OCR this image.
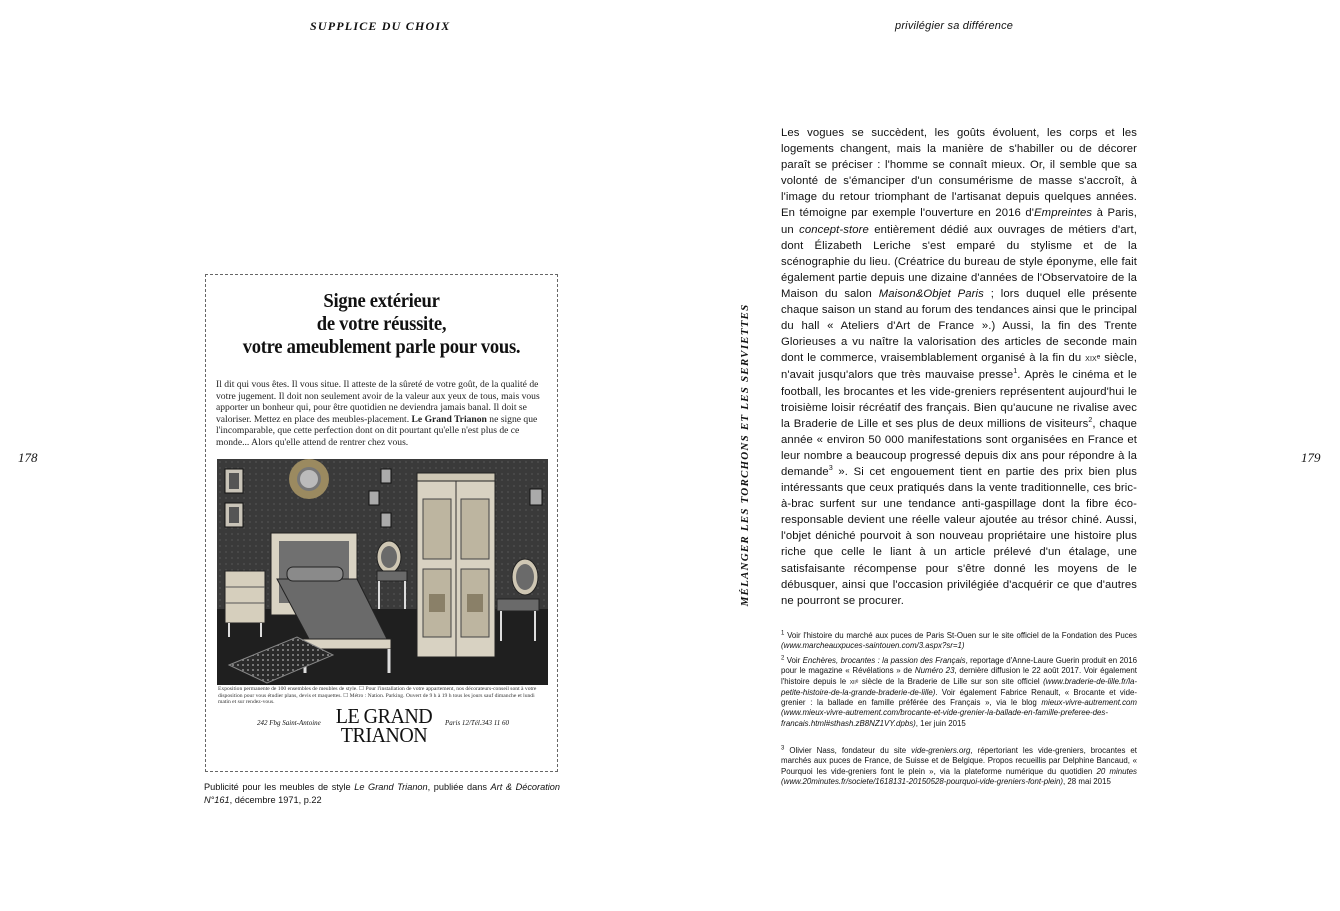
SUPPLICE DU CHOIX	privilégier sa différence
178	179
MÉLANGER LES TORCHONS ET LES SERVIETTES
Signe extérieur
de votre réussite,
votre ameublement parle pour vous.
Il dit qui vous êtes. Il vous situe. Il atteste de la sûreté de votre goût, de la qualité de votre jugement. Il doit non seulement avoir de la valeur aux yeux de tous, mais vous apporter un bonheur qui, pour être quotidien ne deviendra jamais banal. Il doit se valoriser. Mettez en place des meubles-placement. Le Grand Trianon ne signe que l'incomparable, que cette perfection dont on dit pourtant qu'elle n'est plus de ce monde... Alors qu'elle attend de rentrer chez vous.
Exposition permanente de 100 ensembles de meubles de style. ☐ Pour l'installation de votre appartement, nos décorateurs-conseil sont à votre disposition pour vous étudier plans, devis et maquettes. ☐ Métro : Nation. Parking. Ouvert de 9 h à 19 h tous les jours sauf dimanche et lundi matin et sur rendez-vous.
242 Fbg Saint-Antoine LE GRAND
TRIANON	Paris 12/Tél.343 11 60
Publicité pour les meubles de style Le Grand Trianon, publiée dans Art & Décoration N°161, décembre 1971, p.22

Les vogues se succèdent, les goûts évoluent, les corps et les logements changent, mais la manière de s'habiller ou de décorer paraît se préciser : l'homme se connaît mieux. Or, il semble que sa volonté de s'émanciper d'un consumérisme de masse s'accroît, à l'image du retour triomphant de l'artisanat depuis quelques années. En témoigne par exemple l'ouverture en 2016 d'Empreintes à Paris, un concept-store entièrement dédié aux ouvrages de métiers d'art, dont Élizabeth Leriche s'est emparé du stylisme et de la scénographie du lieu. (Créatrice du bureau de style éponyme, elle fait également partie depuis une dizaine d'années de l'Observatoire de la Maison du salon Maison&Objet Paris ; lors duquel elle présente chaque saison un stand au forum des tendances ainsi que le principal du hall « Ateliers d'Art de France ».) Aussi, la fin des Trente Glorieuses a vu naître la valorisation des articles de seconde main dont le commerce, vraisemblablement organisé à la fin du xixᵉ siècle, n'avait jusqu'alors que très mauvaise presse$^1$. Après le cinéma et le football, les brocantes et les vide-greniers représentent aujourd'hui le troisième loisir récréatif des français. Bien qu'aucune ne rivalise avec la Braderie de Lille et ses plus de deux millions de visiteurs$^2$, chaque année « environ 50 000 manifestations sont organisées en France et leur nombre a beaucoup progressé depuis dix ans pour répondre à la demande$^3$ ». Si cet engouement tient en partie des prix bien plus intéressants que ceux pratiqués dans la vente traditionnelle, ces bric-à-brac surfent sur une tendance anti-gaspillage dont la fibre éco-responsable devient une réelle valeur ajoutée au trésor chiné. Aussi, l'objet déniché pourvoit à son nouveau propriétaire une histoire plus riche que celle le liant à un article prélevé d'un étalage, une satisfaisante récompense pour s'être donné les moyens de le débusquer, ainsi que l'occasion privilégiée d'acquérir ce que d'autres ne pourront se procurer.

$^1$ Voir l'histoire du marché aux puces de Paris St-Ouen sur le site officiel de la Fondation des Puces (www.marcheauxpuces-saintouen.com/3.aspx?sr=1)
$^2$ Voir Enchères, brocantes : la passion des Français, reportage d'Anne-Laure Guerin produit en 2016 pour le magazine « Révélations » de Numéro 23, dernière diffusion le 22 août 2017. Voir également l'histoire depuis le xiiᵉ siècle de la Braderie de Lille sur son site officiel (www.braderie-de-lille.fr/la-petite-histoire-de-la-grande-braderie-de-lille). Voir également Fabrice Renault, « Brocante et vide-grenier : la ballade en famille préférée des Français », via le blog mieux-vivre-autrement.com (www.mieux-vivre-autrement.com/brocante-et-vide-grenier-la-ballade-en-famille-preferee-des-francais.html#sthash.zB8NZ1VY.dpbs), 1er juin 2015
$^3$ Olivier Nass, fondateur du site vide-greniers.org, répertoriant les vide-greniers, brocantes et marchés aux puces de France, de Suisse et de Belgique. Propos recueillis par Delphine Bancaud, « Pourquoi les vide-greniers font le plein », via la plateforme numérique du quotidien 20 minutes (www.20minutes.fr/societe/1618131-20150528-pourquoi-vide-greniers-font-plein), 28 mai 2015
